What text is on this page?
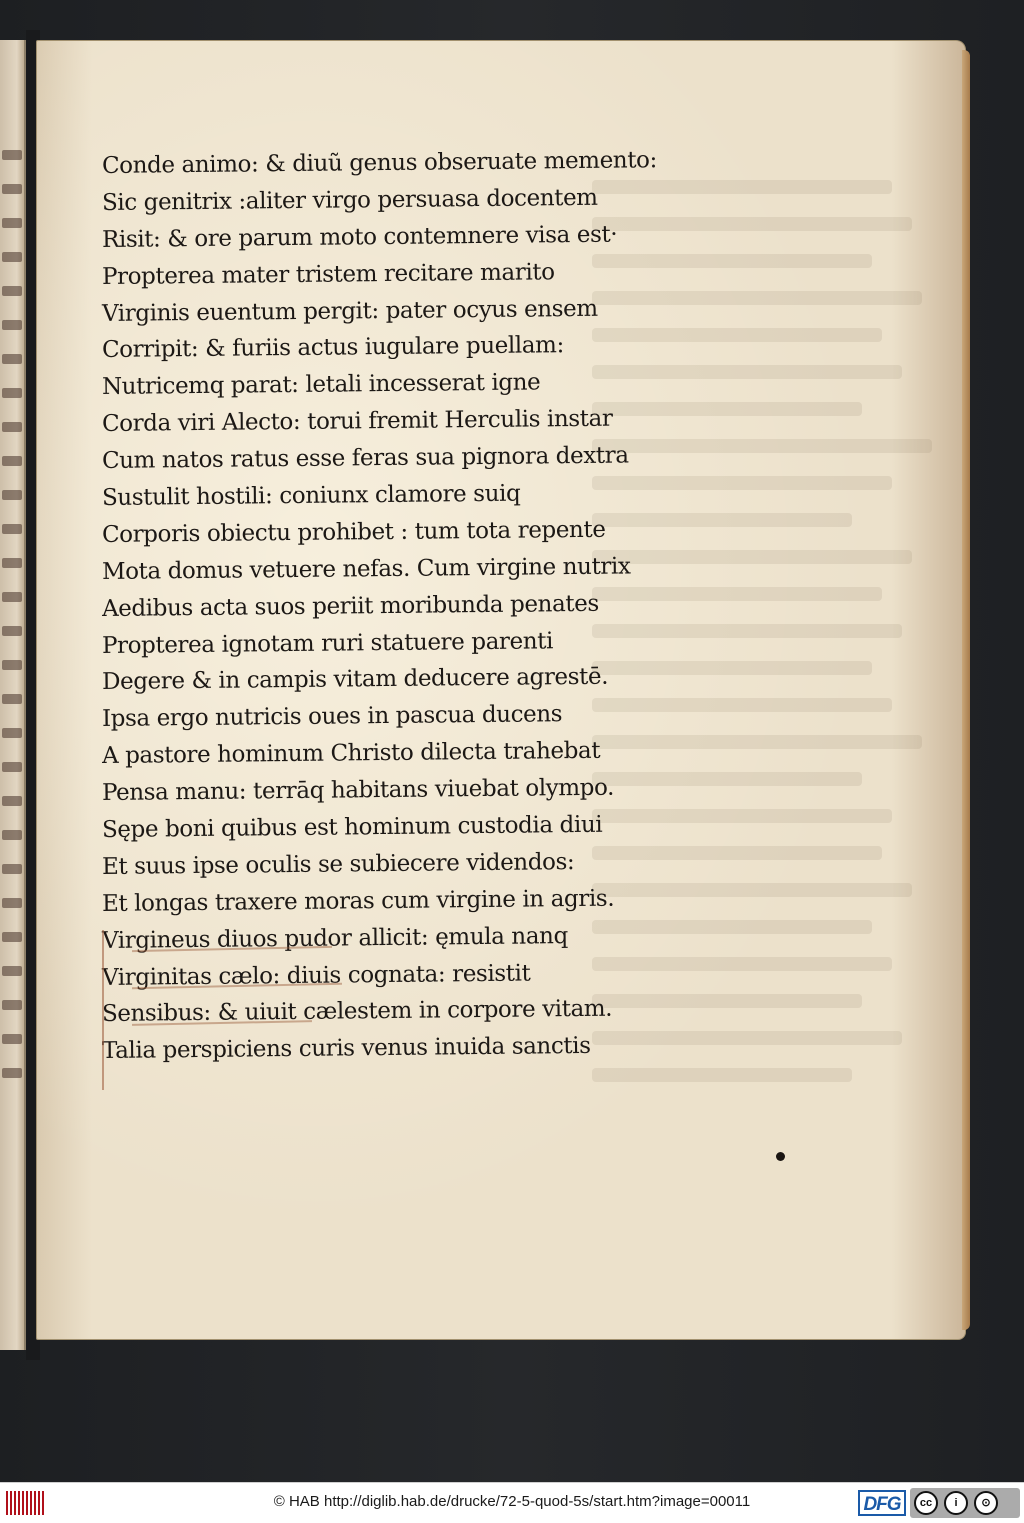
Conde animo: & diuũ genus obseruate memento:
Sic genitrix :aliter virgo persuasa docentem
Risit: & ore parum moto contemnere visa est·
Propterea mater tristem recitare marito
Virginis euentum pergit: pater ocyus ensem
Corripit: & furiis actus iugulare puellam:
Nutricemq parat: letali incesserat igne
Corda viri Alecto: torui fremit Herculis instar
Cum natos ratus esse feras sua pignora dextra
Sustulit hostili: coniunx clamore suiq
Corporis obiectu prohibet : tum tota repente
Mota domus vetuere nefas. Cum virgine nutrix
Aedibus acta suos periit moribunda penates
Propterea ignotam ruri statuere parenti
Degere & in campis vitam deducere agrestē.
Ipsa ergo nutricis oues in pascua ducens
A pastore hominum Christo dilecta trahebat
Pensa manu: terrāq habitans viuebat olympo.
Sępe boni quibus est hominum custodia diui
Et suus ipse oculis se subiecere videndos:
Et longas traxere moras cum virgine in agris.
Virgineus diuos pudor allicit: ęmula nanq
Virginitas cælo: diuis cognata: resistit
Sensibus: & uiuit cælestem in corpore vitam.
Talia perspiciens curis venus inuida sanctis
© HAB http://diglib.hab.de/drucke/72-5-quod-5s/start.htm?image=00011	DFG	cc	i	⊙
